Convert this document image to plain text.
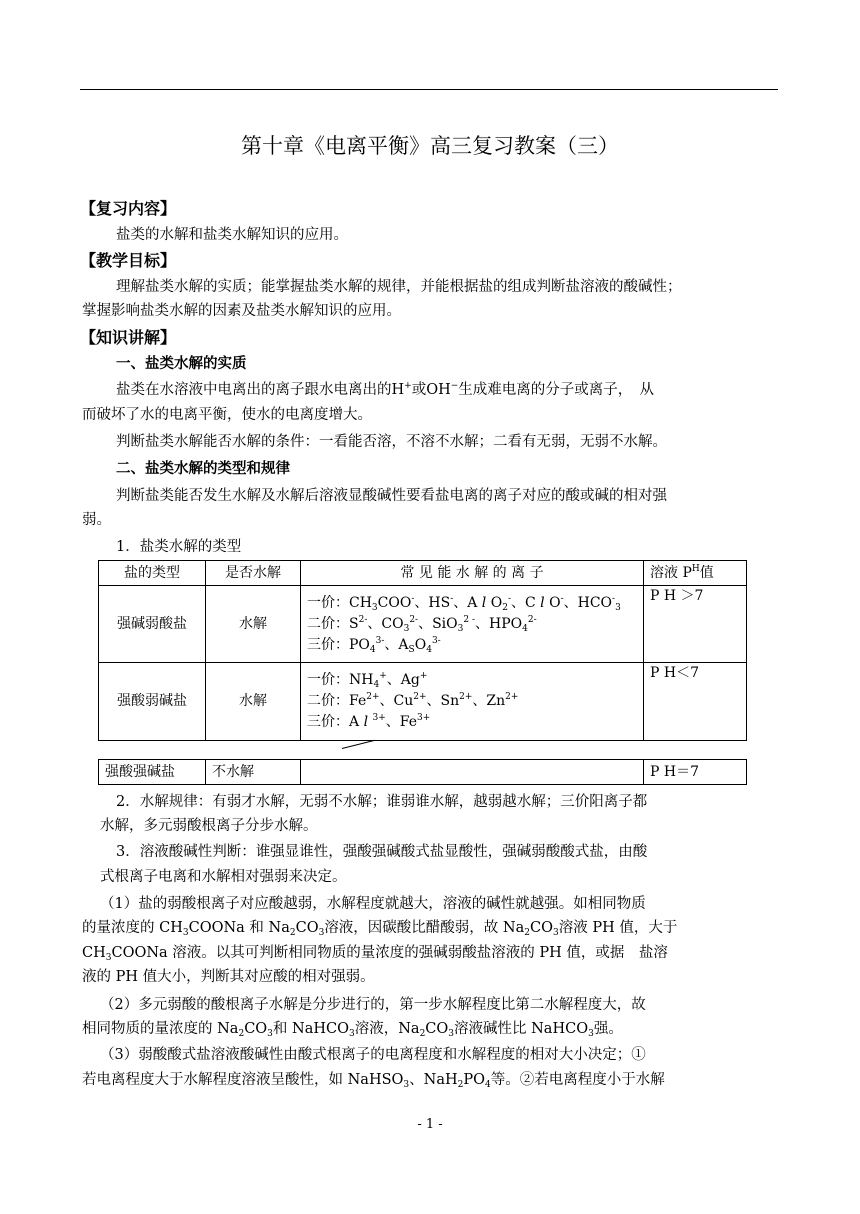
第十章《电离平衡》高三复习教案（三）
【复习内容】
盐类的水解和盐类水解知识的应用。
【教学目标】
理解盐类水解的实质；能掌握盐类水解的规律，并能根据盐的组成判断盐溶液的酸碱性；
掌握影响盐类水解的因素及盐类水解知识的应用。
【知识讲解】
一、盐类水解的实质
盐类在水溶液中电离出的离子跟水电离出的H+或OH−生成难电离的分子或离子，　从
而破坏了水的电离平衡，使水的电离度增大。
判断盐类水解能否水解的条件：一看能否溶，不溶不水解；二看有无弱，无弱不水解。
二、盐类水解的类型和规律
判断盐类能否发生水解及水解后溶液显酸碱性要看盐电离的离子对应的酸或碱的相对强
弱。
1．盐类水解的类型
盐的类型	是否水解	常 见 能 水 解 的 离 子	溶液 $P^H$值
强碱弱酸盐	水解	一价：$CH_3COO^-$、HS-、A l $O_2^-$、C l O-、$HCO^-_3$
二价：$S^{2-}$、$CO_3^{2-}$、SiO$_3^{2 -}$、$HPO_4^{2-}$
三价：$PO_4^{3-}$、$A_SO_4^{3-}$	P H ＞7
强酸弱碱盐	水解	一价：$NH_4^+$、Ag+
二价：$Fe^{2+}$、$Cu^{2+}$、$Sn^{2+}$、$Zn^{2+}$
三价：A l $^{3+}$、$Fe^{3+}$	P H＜7
强酸强碱盐	不水解		P H＝7
2．水解规律：有弱才水解，无弱不水解；谁弱谁水解，越弱越水解；三价阳离子都
水解，多元弱酸根离子分步水解。
3．溶液酸碱性判断：谁强显谁性，强酸强碱酸式盐显酸性，强碱弱酸酸式盐，由酸
式根离子电离和水解相对强弱来决定。
（1）盐的弱酸根离子对应酸越弱，水解程度就越大，溶液的碱性就越强。如相同物质
的量浓度的 $CH_3COONa$ 和 $Na_2CO_3$溶液，因碳酸比醋酸弱，故 $Na_2CO_3$溶液 PH 值，大于
$CH_3COONa$ 溶液。以其可判断相同物质的量浓度的强碱弱酸盐溶液的 PH 值，或据　盐溶
液的 PH 值大小，判断其对应酸的相对强弱。
（2）多元弱酸的酸根离子水解是分步进行的，第一步水解程度比第二水解程度大，故
相同物质的量浓度的 $Na_2CO_3$和 NaHCO$_3$溶液，$Na_2CO_3$溶液碱性比 NaHCO$_3$强。
（3）弱酸酸式盐溶液酸碱性由酸式根离子的电离程度和水解程度的相对大小决定；①
若电离程度大于水解程度溶液呈酸性，如 NaHSO$_3$、$NaH_2PO_4$等。②若电离程度小于水解
- 1 -
